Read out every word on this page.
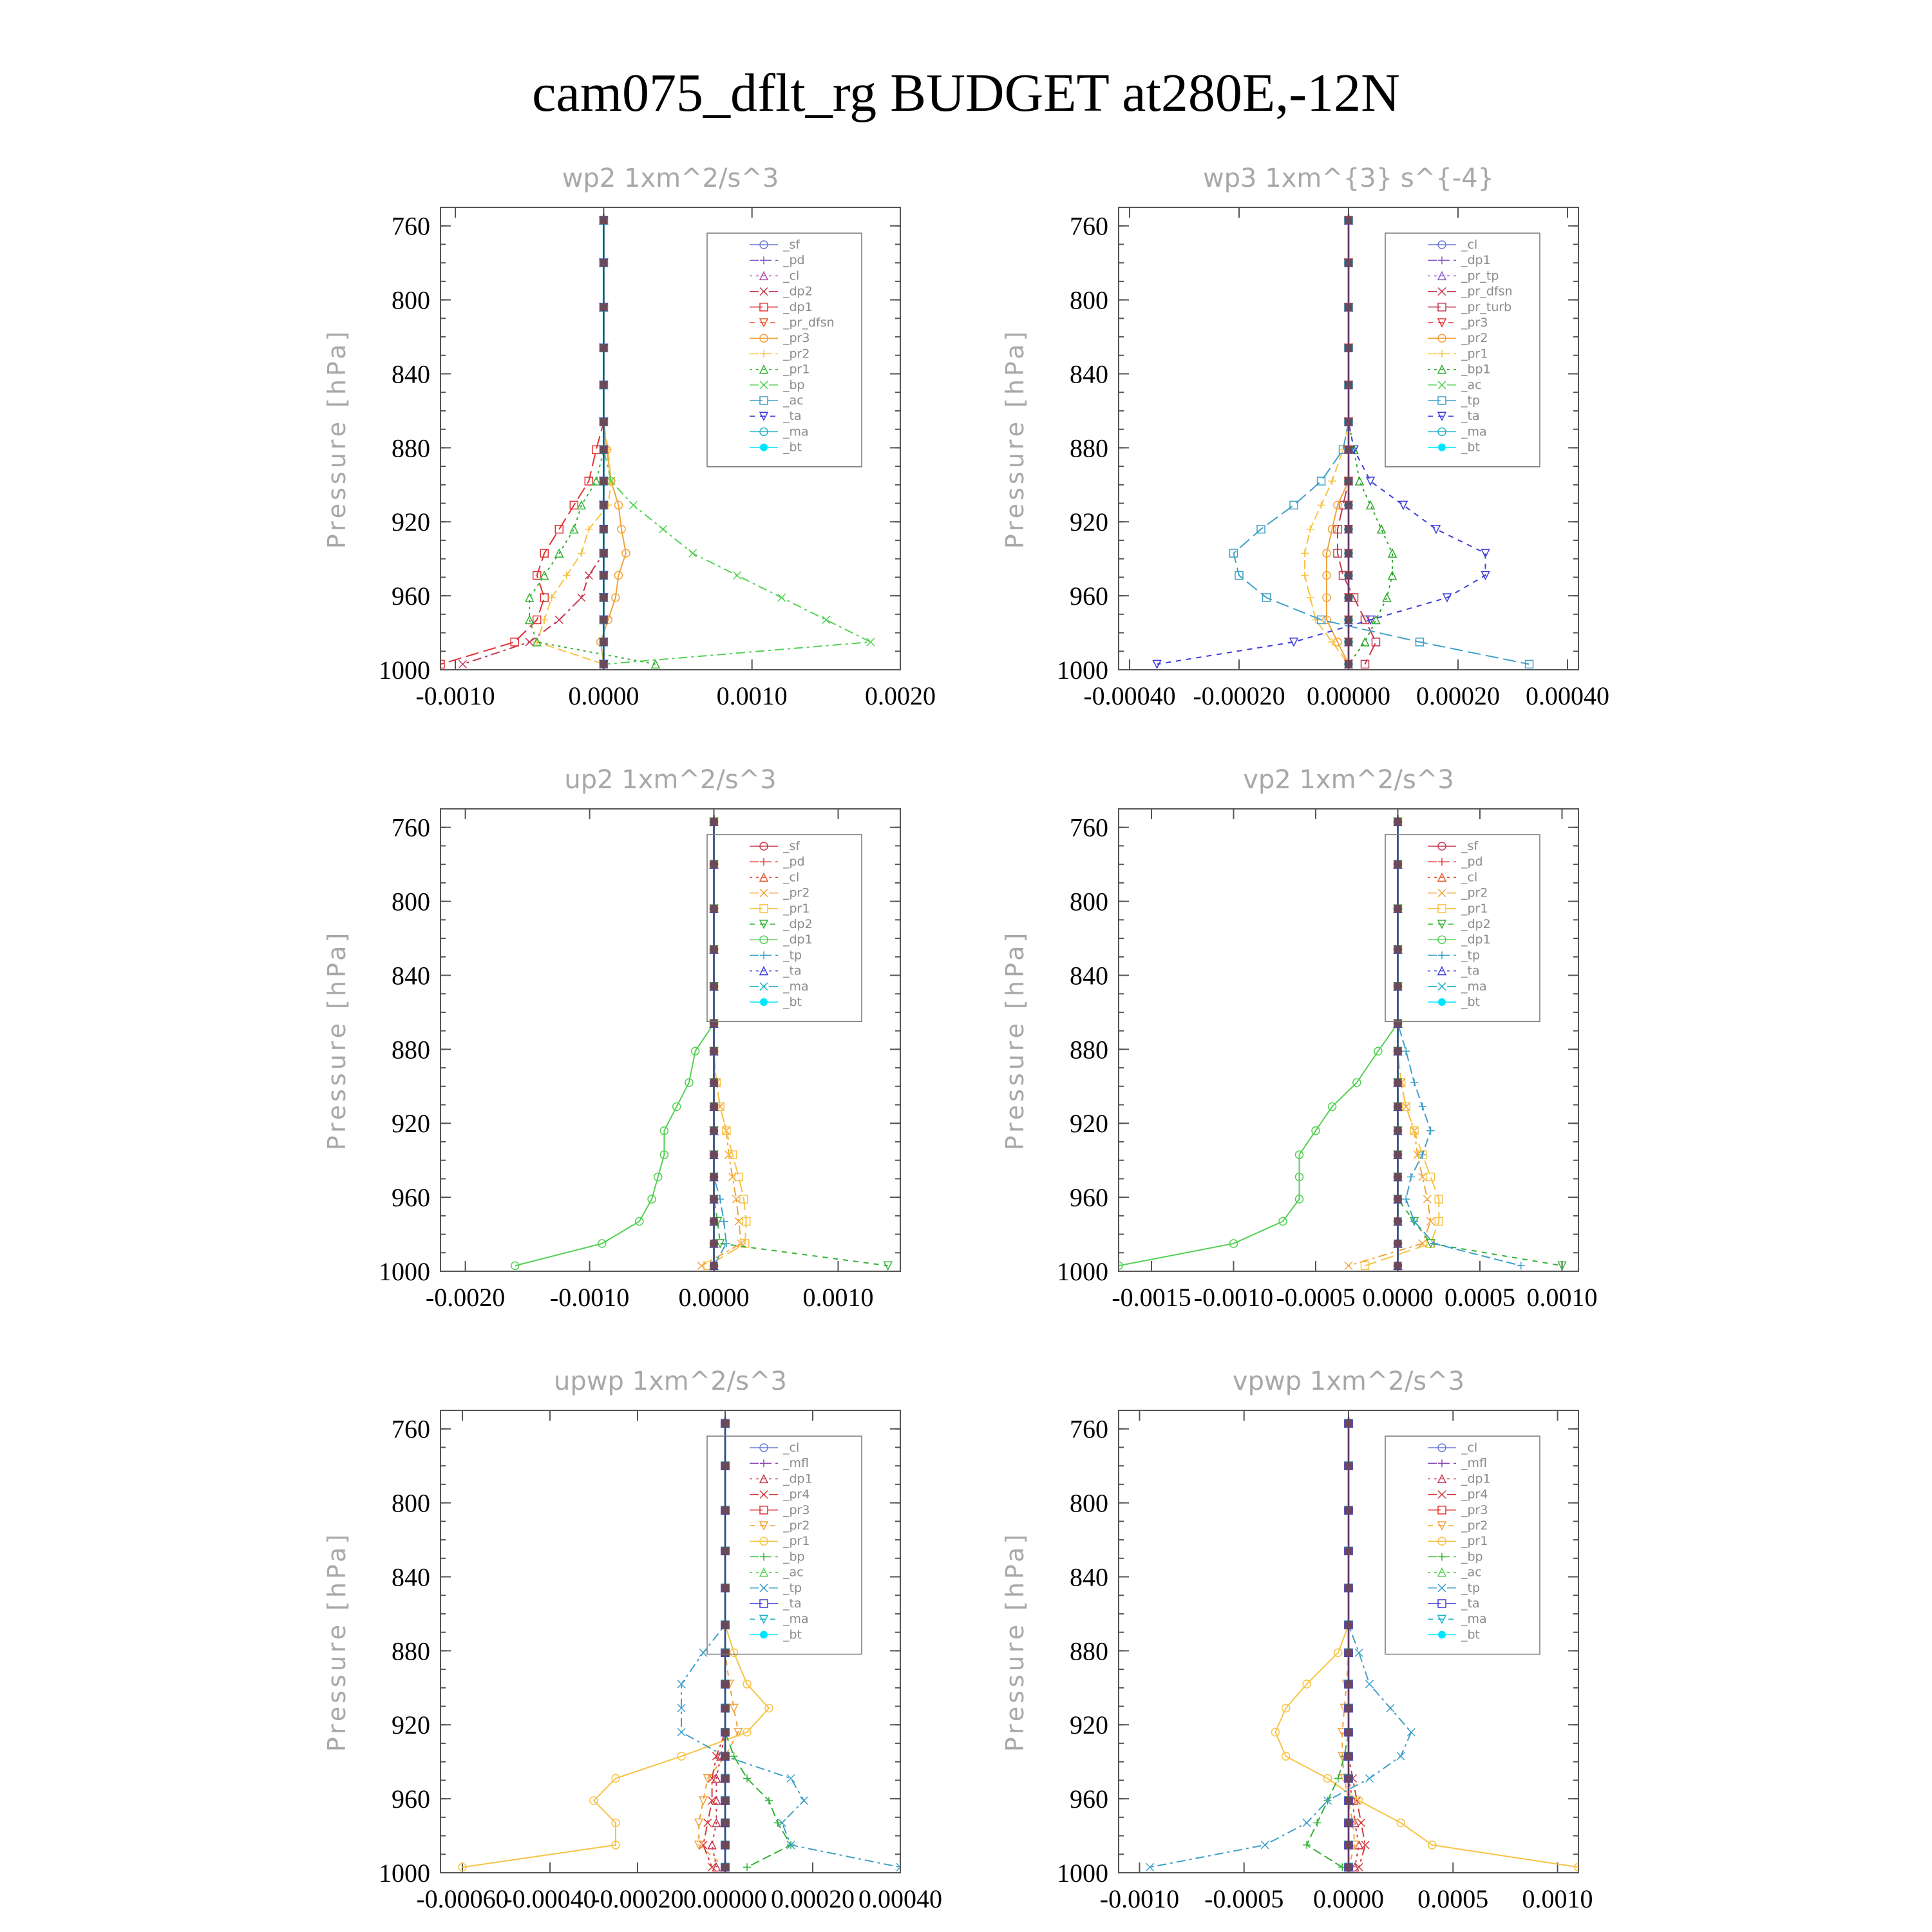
cam075_dflt_rg BUDGET at280E,-12N
wp2 1xm^2/s^3
Pressure [hPa]
760
800
840
880
920
960
1000
-0.0010	0.0000	0.0010	0.0020
_sf
_pd
_cl
_dp2
_dp1
_pr_dfsn
_pr3
_pr2
_pr1
_bp
_ac
_ta
_ma
_bt
wp3 1xm^{3} s^{-4}
Pressure [hPa]
760
800
840
880
920
960
1000
-0.00040 -0.00020 0.00000 0.00020 0.00040
_cl
_dp1
_pr_tp
_pr_dfsn
_pr_turb
_pr3
_pr2
_pr1
_bp1
_ac
_tp
_ta
_ma
_bt
up2 1xm^2/s^3
Pressure [hPa]
760
800
840
880
920
960
1000
-0.0020 -0.0010 0.0000 0.0010
_sf
_pd
_cl
_pr2
_pr1
_dp2
_dp1
_tp
_ta
_ma
_bt
vp2 1xm^2/s^3
Pressure [hPa]
760
800
840
880
920
960
1000
-0.0015 -0.0010 -0.0005 0.0000 0.0005 0.0010
_sf
_pd
_cl
_pr2
_pr1
_dp2
_dp1
_tp
_ta
_ma
_bt
upwp 1xm^2/s^3
Pressure [hPa]
760
800
840
880
920
960
1000
-0.00060
-0.00040
-0.00020 0.00000 0.00020 0.00040
_cl
_mfl
_dp1
_pr4
_pr3
_pr2
_pr1
_bp
_ac
_tp
_ta
_ma
_bt
vpwp 1xm^2/s^3
Pressure [hPa]
760
800
840
880
920
960
1000
-0.0010 -0.0005 0.0000 0.0005 0.0010
_cl
_mfl
_dp1
_pr4
_pr3
_pr2
_pr1
_bp
_ac
_tp
_ta
_ma
_bt
